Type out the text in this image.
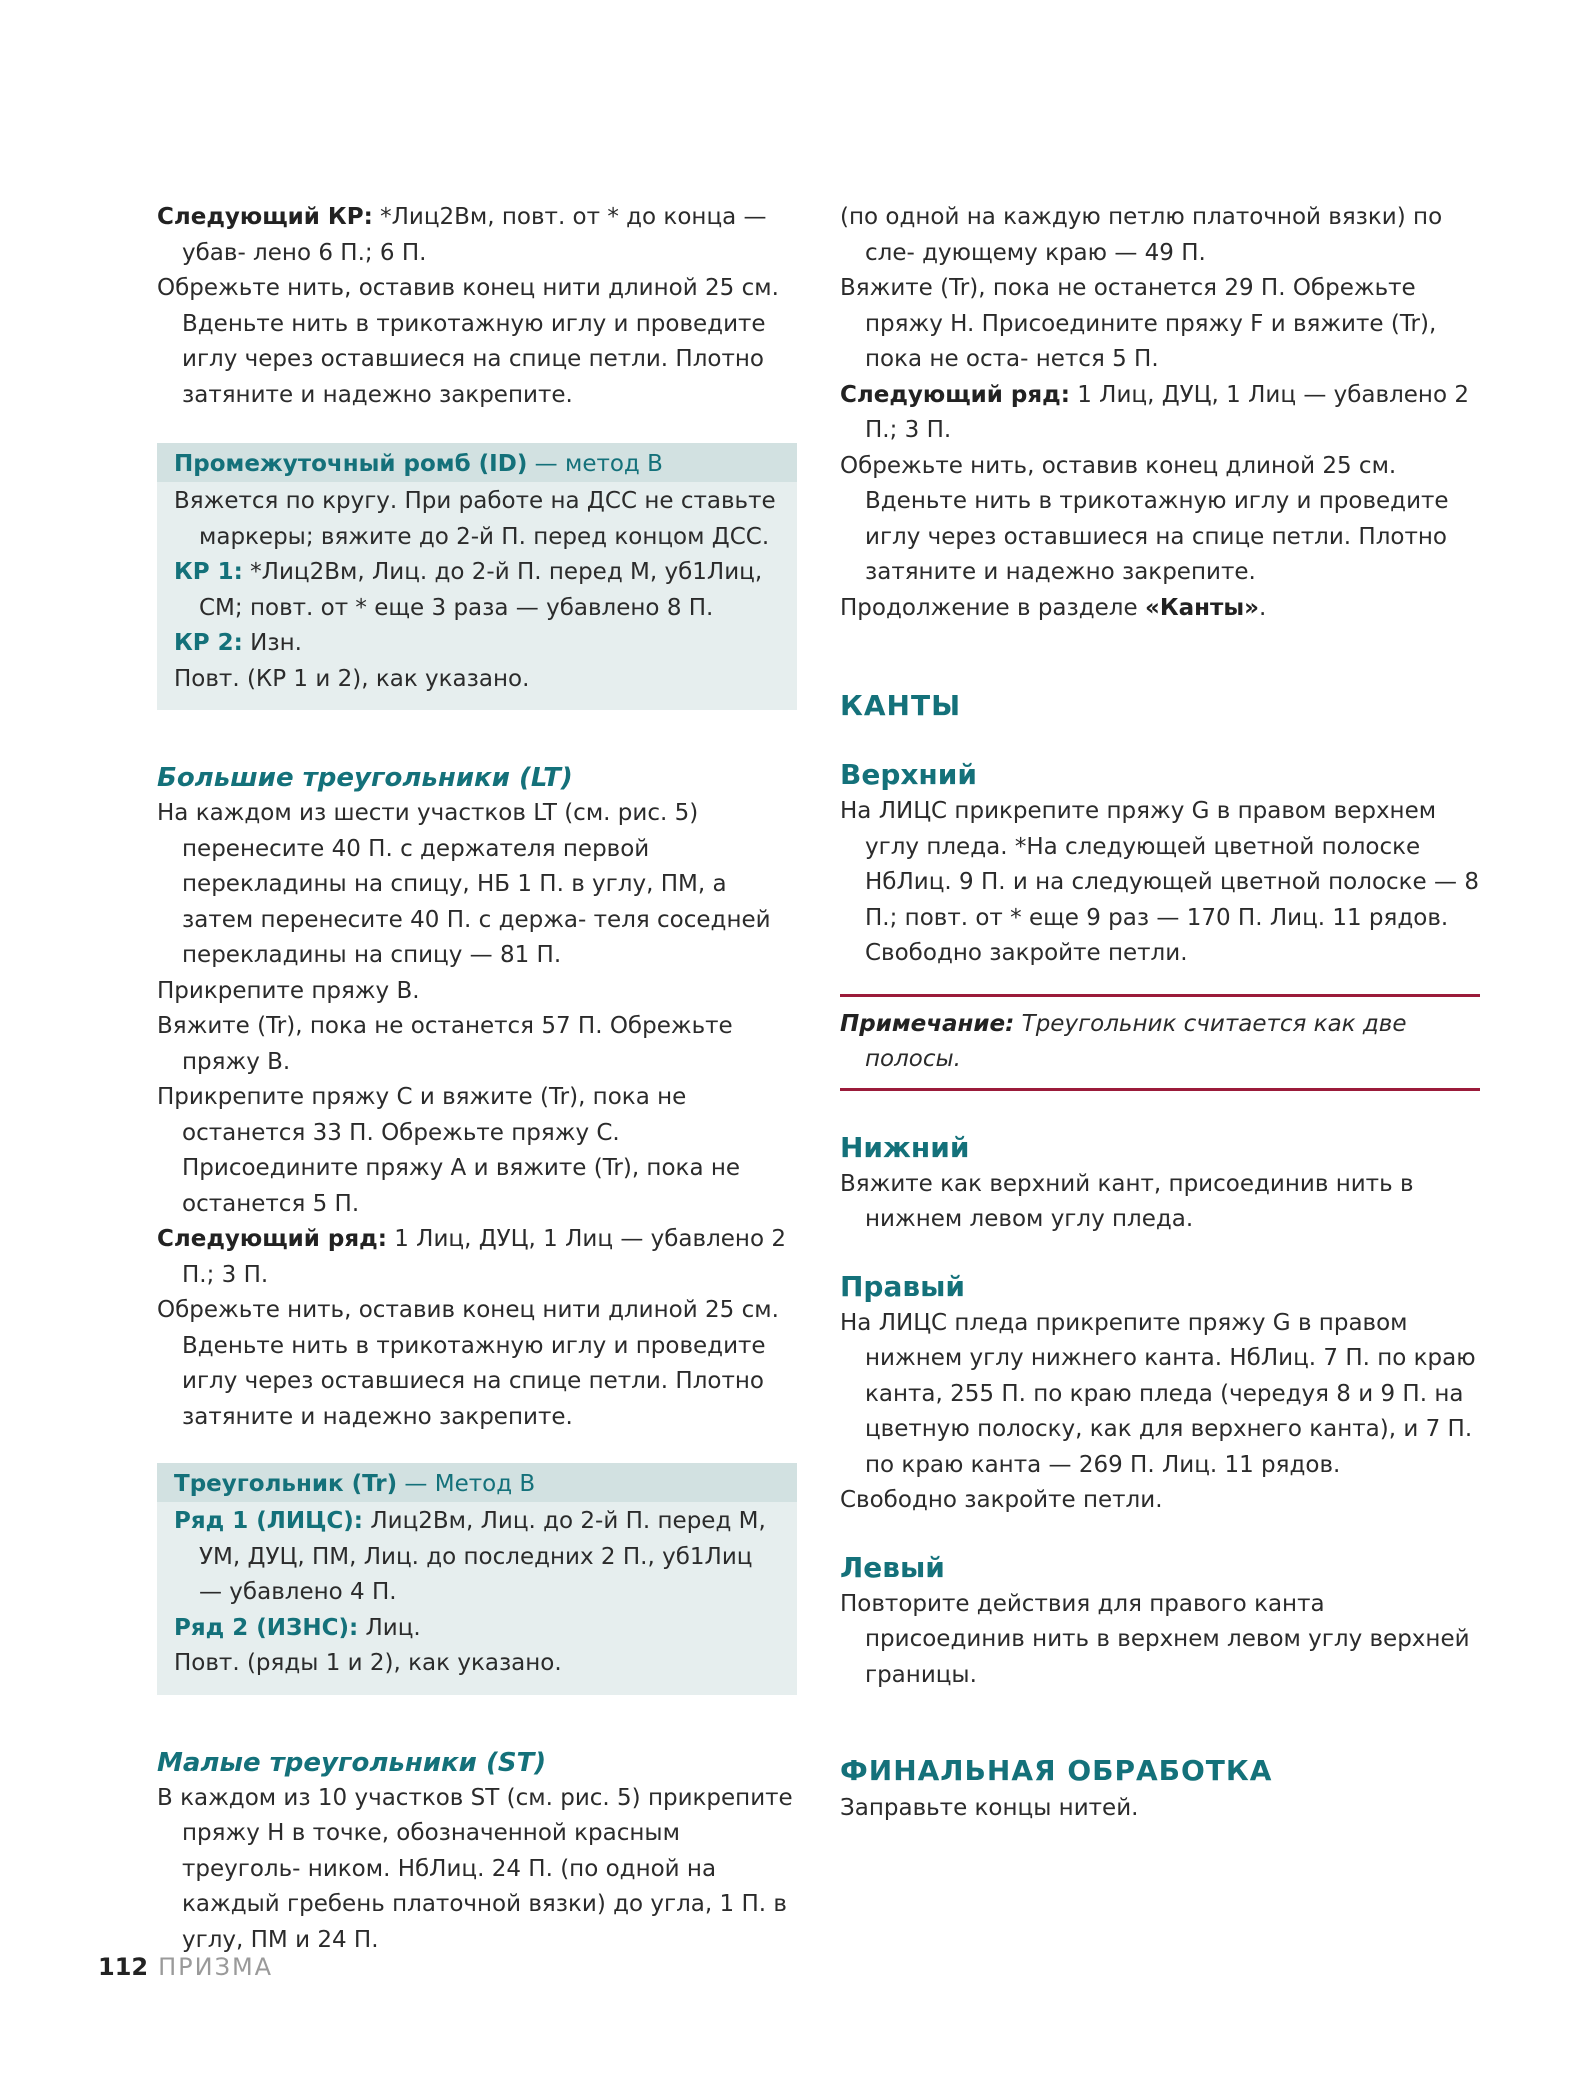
Следующий КР: *Лиц2Вм, повт. от * до конца — убав- лено 6 П.; 6 П.

Обрежьте нить, оставив конец нити длиной 25 см. Вденьте нить в трикотажную иглу и проведите иглу через оставшиеся на спице петли. Плотно затяните и надежно закрепите.

Промежуточный ромб (ID) — метод B

Вяжется по кругу. При работе на ДСС не ставьте маркеры; вяжите до 2-й П. перед концом ДСС.

КР 1: *Лиц2Вм, Лиц. до 2-й П. перед М, уб1Лиц, СМ; повт. от * еще 3 раза — убавлено 8 П.

КР 2: Изн.

Повт. (КР 1 и 2), как указано.

Большие треугольники (LT)

На каждом из шести участков LT (см. рис. 5) перенесите 40 П. с держателя первой перекладины на спицу, НБ 1 П. в углу, ПМ, а затем перенесите 40 П. с держа- теля соседней перекладины на спицу — 81 П.

Прикрепите пряжу B.

Вяжите (Tr), пока не останется 57 П. Обрежьте пряжу B.

Прикрепите пряжу C и вяжите (Tr), пока не останется 33 П. Обрежьте пряжу C. Присоедините пряжу A и вяжите (Tr), пока не останется 5 П.

Следующий ряд: 1 Лиц, ДУЦ, 1 Лиц — убавлено 2 П.; 3 П.

Обрежьте нить, оставив конец нити длиной 25 см. Вденьте нить в трикотажную иглу и проведите иглу через оставшиеся на спице петли. Плотно затяните и надежно закрепите.

Треугольник (Tr) — Метод B

Ряд 1 (ЛИЦС): Лиц2Вм, Лиц. до 2-й П. перед М, УМ, ДУЦ, ПМ, Лиц. до последних 2 П., уб1Лиц — убавлено 4 П.

Ряд 2 (ИЗНС): Лиц.

Повт. (ряды 1 и 2), как указано.

Малые треугольники (ST)

В каждом из 10 участков ST (см. рис. 5) прикрепите пряжу H в точке, обозначенной красным треуголь- ником. НбЛиц. 24 П. (по одной на каждый гребень платочной вязки) до угла, 1 П. в углу, ПМ и 24 П.

(по одной на каждую петлю платочной вязки) по сле- дующему краю — 49 П.

Вяжите (Tr), пока не останется 29 П. Обрежьте пряжу H. Присоедините пряжу F и вяжите (Tr), пока не оста- нется 5 П.

Следующий ряд: 1 Лиц, ДУЦ, 1 Лиц — убавлено 2 П.; 3 П.

Обрежьте нить, оставив конец длиной 25 см. Вденьте нить в трикотажную иглу и проведите иглу через оставшиеся на спице петли. Плотно затяните и надежно закрепите.

Продолжение в разделе «Канты».

КАНТЫ
Верхний

На ЛИЦС прикрепите пряжу G в правом верхнем углу пледа. *На следующей цветной полоске НбЛиц. 9 П. и на следующей цветной полоске — 8 П.; повт. от * еще 9 раз — 170 П. Лиц. 11 рядов. Свободно закройте петли.

Примечание: Треугольник считается как две полосы.

Нижний

Вяжите как верхний кант, присоединив нить в нижнем левом углу пледа.

Правый

На ЛИЦС пледа прикрепите пряжу G в правом нижнем углу нижнего канта. НбЛиц. 7 П. по краю канта, 255 П. по краю пледа (чередуя 8 и 9 П. на цветную полоску, как для верхнего канта), и 7 П. по краю канта — 269 П. Лиц. 11 рядов.

Свободно закройте петли.

Левый

Повторите действия для правого канта присоединив нить в верхнем левом углу верхней границы.

ФИНАЛЬНАЯ ОБРАБОТКА

Заправьте концы нитей.

112 ПРИЗМА
